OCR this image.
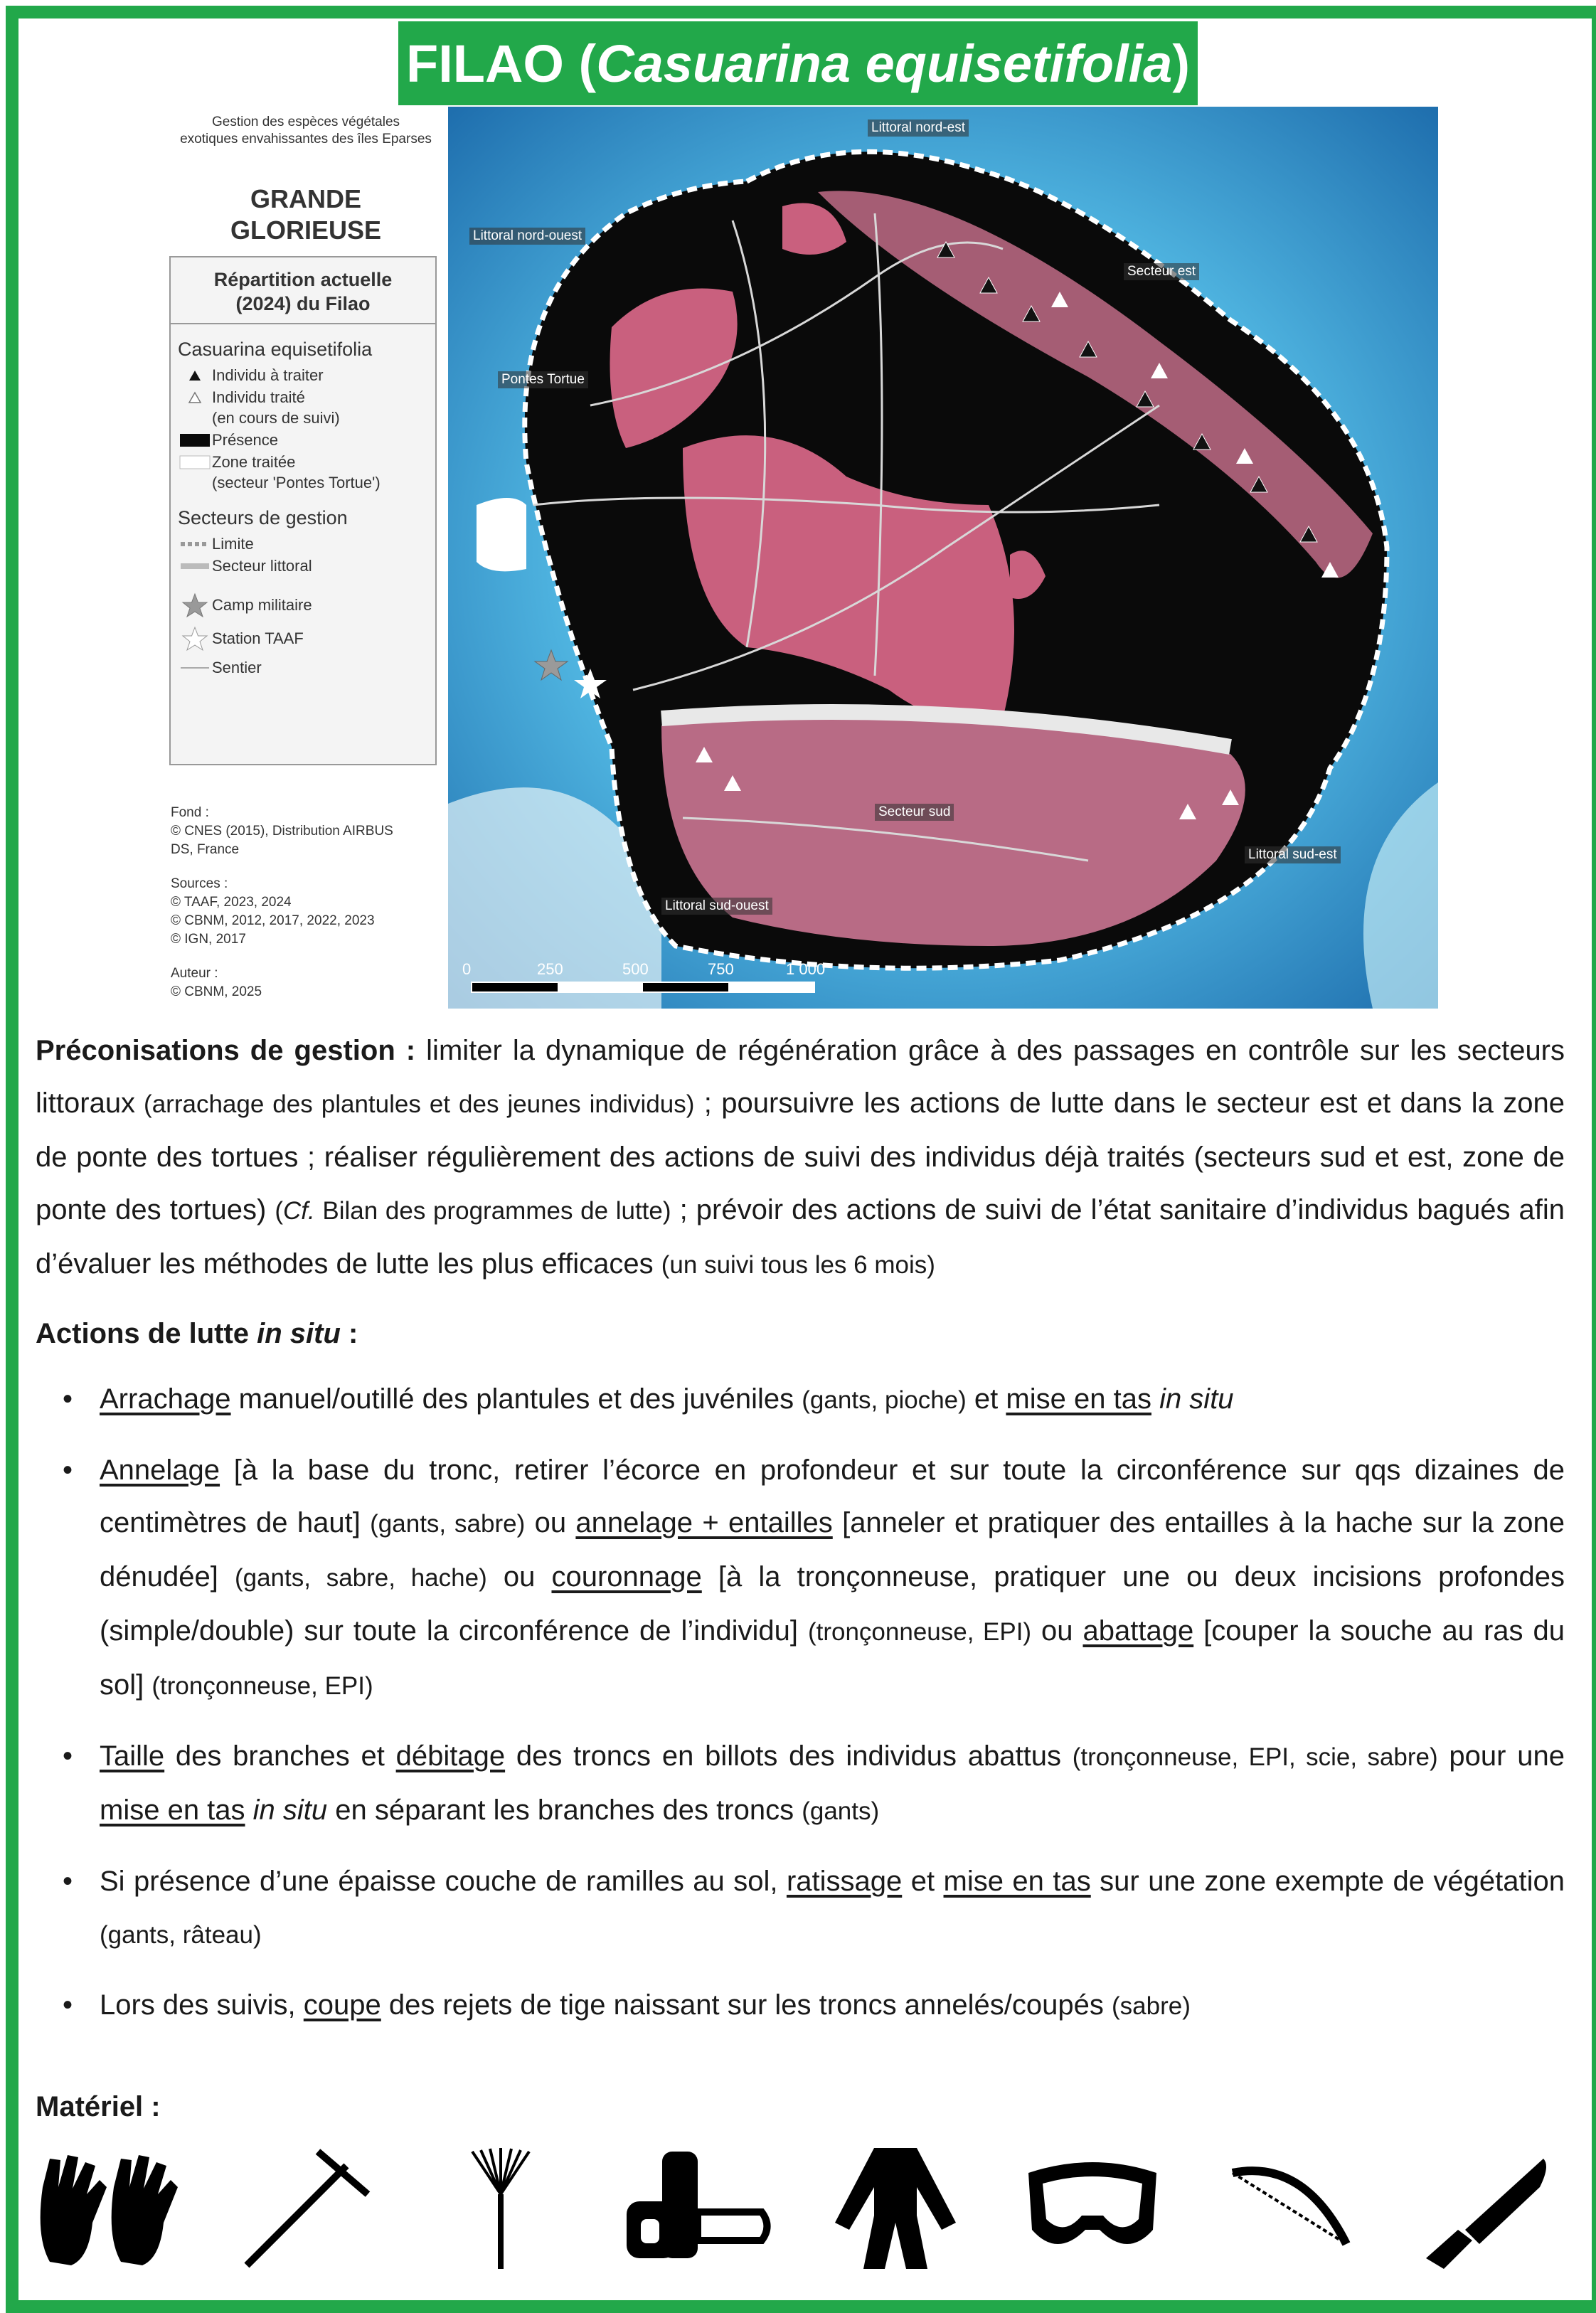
FILAO ( Casuarina equisetifolia )
Gestion des espèces végétales
exotiques envahissantes des îles Eparses
GRANDE
GLORIEUSE
Répartition actuelle
(2024) du Filao
Casuarina equisetifolia
Individu à traiter
Individu traité
(en cours de suivi)
Présence
Zone traitée
(secteur 'Pontes Tortue')
Secteurs de gestion
Limite
Secteur littoral
Camp militaire
Station TAAF
Sentier

Fond :
© CNES (2015), Distribution AIRBUS
DS, France

Sources :
© TAAF, 2023, 2024
© CBNM, 2012, 2017, 2022, 2023
© IGN, 2017

Auteur :
© CBNM, 2025

Littoral nord-est
Littoral nord-ouest
Secteur est
Pontes Tortue
Secteur sud
Littoral sud-est
Littoral sud-ouest
0	250	500	750	1 000 m

Préconisations de gestion : limiter la dynamique de régénération grâce à des passages en contrôle sur les secteurs littoraux (arrachage des plantules et des jeunes individus) ; poursuivre les actions de lutte dans le secteur est et dans la zone de ponte des tortues ; réaliser régulièrement des actions de suivi des individus déjà traités (secteurs sud et est, zone de ponte des tortues) (Cf. Bilan des programmes de lutte) ; prévoir des actions de suivi de l’état sanitaire d’individus bagués afin d’évaluer les méthodes de lutte les plus efficaces (un suivi tous les 6 mois)

Actions de lutte in situ :
• Arrachage manuel/outillé des plantules et des juvéniles (gants, pioche) et mise en tas in situ
• Annelage [à la base du tronc, retirer l’écorce en profondeur et sur toute la circonférence sur qqs dizaines de centimètres de haut] (gants, sabre) ou annelage + entailles [anneler et pratiquer des entailles à la hache sur la zone dénudée] (gants, sabre, hache) ou couronnage [à la tronçonneuse, pratiquer une ou deux incisions profondes (simple/double) sur toute la circonférence de l’individu] (tronçonneuse, EPI) ou abattage [couper la souche au ras du sol] (tronçonneuse, EPI)
• Taille des branches et débitage des troncs en billots des individus abattus (tronçonneuse, EPI, scie, sabre) pour une mise en tas in situ en séparant les branches des troncs (gants)
• Si présence d’une épaisse couche de ramilles au sol, ratissage et mise en tas sur une zone exempte de végétation (gants, râteau)
• Lors des suivis, coupe des rejets de tige naissant sur les troncs annelés/coupés (sabre)
Matériel :
